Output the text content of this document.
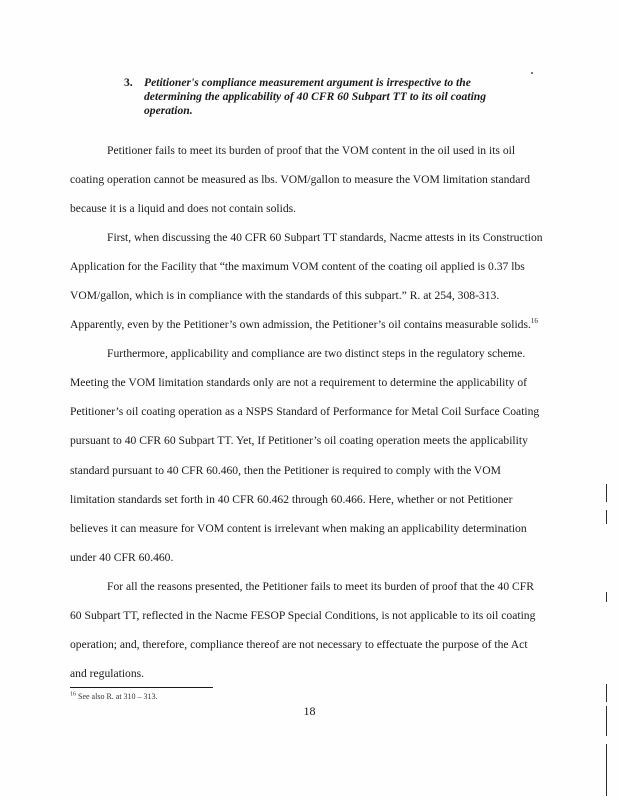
3. Petitioner's compliance measurement argument is irrespective to the determining the applicability of 40 CFR 60 Subpart TT to its oil coating operation.

Petitioner fails to meet its burden of proof that the VOM content in the oil used in its oil coating operation cannot be measured as lbs. VOM/gallon to measure the VOM limitation standard because it is a liquid and does not contain solids.

First, when discussing the 40 CFR 60 Subpart TT standards, Nacme attests in its Construction Application for the Facility that “the maximum VOM content of the coating oil applied is 0.37 lbs VOM/gallon, which is in compliance with the standards of this subpart.” R. at 254, 308-313. Apparently, even by the Petitioner’s own admission, the Petitioner’s oil contains measurable solids.$^{16}$

Furthermore, applicability and compliance are two distinct steps in the regulatory scheme. Meeting the VOM limitation standards only are not a requirement to determine the applicability of Petitioner’s oil coating operation as a NSPS Standard of Performance for Metal Coil Surface Coating pursuant to 40 CFR 60 Subpart TT. Yet, If Petitioner’s oil coating operation meets the applicability standard pursuant to 40 CFR 60.460, then the Petitioner is required to comply with the VOM limitation standards set forth in 40 CFR 60.462 through 60.466. Here, whether or not Petitioner believes it can measure for VOM content is irrelevant when making an applicability determination under 40 CFR 60.460.

For all the reasons presented, the Petitioner fails to meet its burden of proof that the 40 CFR 60 Subpart TT, reflected in the Nacme FESOP Special Conditions, is not applicable to its oil coating operation; and, therefore, compliance thereof are not necessary to effectuate the purpose of the Act and regulations.

$^{16}$ See also R. at 310 – 313.
18
